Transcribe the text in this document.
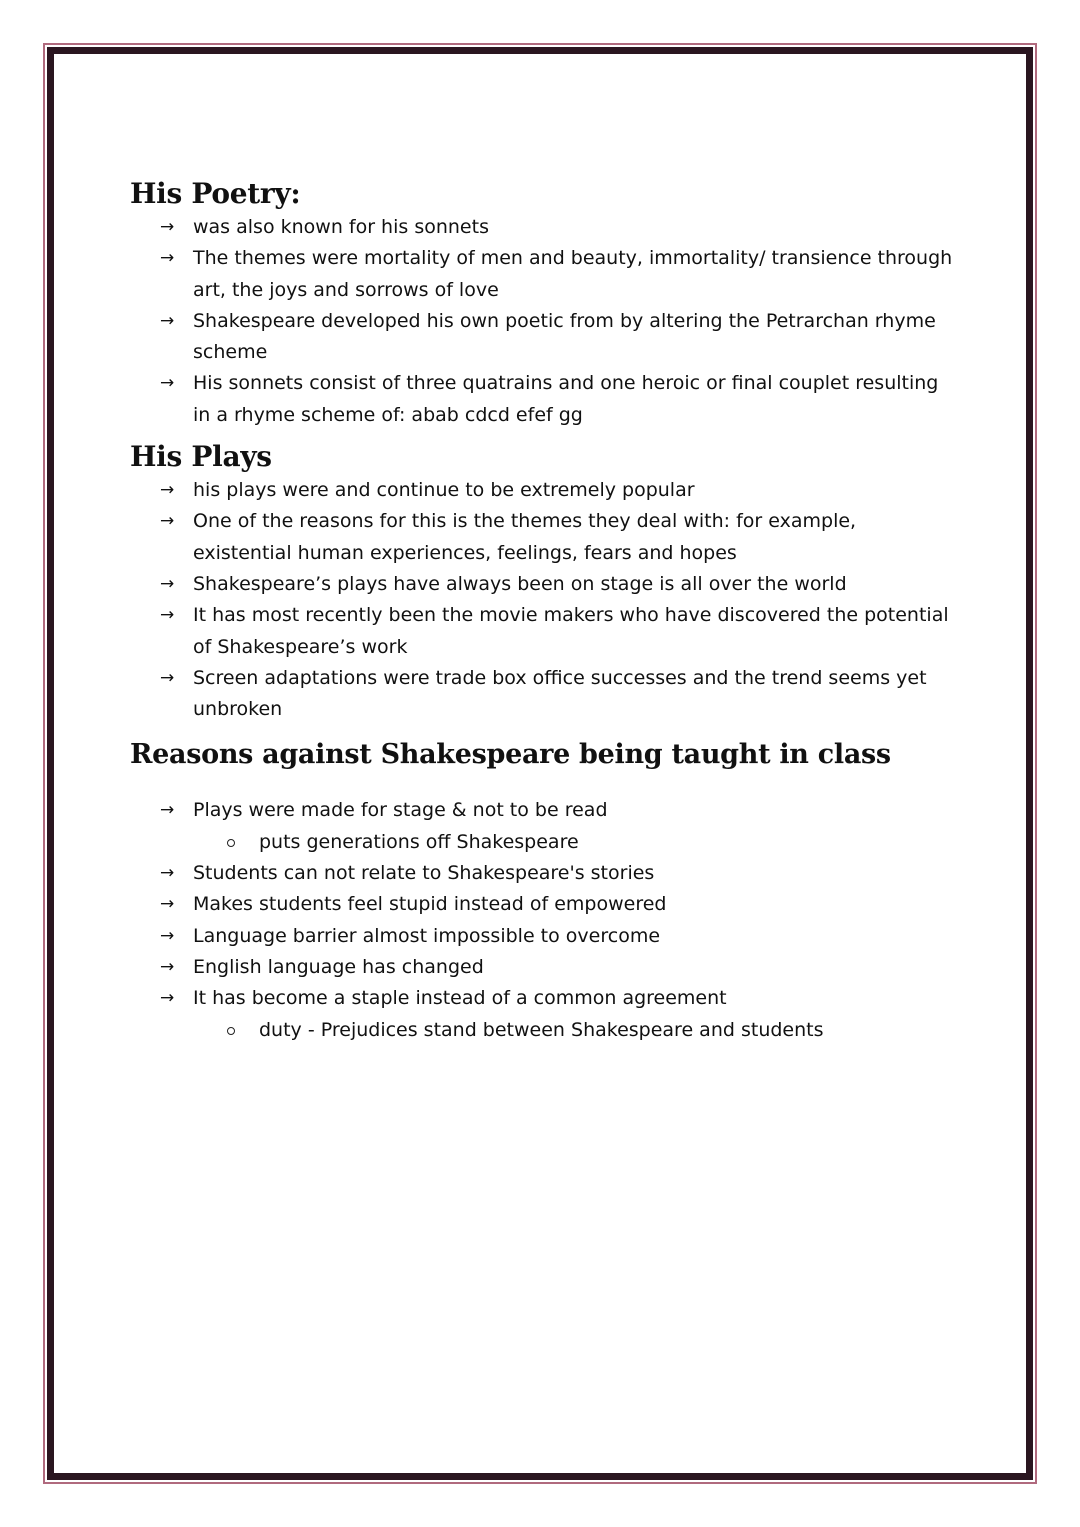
His Poetry:
→ was also known for his sonnets
→ The themes were mortality of men and beauty, immortality/ transience through art, the joys and sorrows of love
→ Shakespeare developed his own poetic from by altering the Petrarchan rhyme scheme
→ His sonnets consist of three quatrains and one heroic or final couplet resulting in a rhyme scheme of: abab cdcd efef gg
His Plays
→ his plays were and continue to be extremely popular
→ One of the reasons for this is the themes they deal with: for example, existential human experiences, feelings, fears and hopes
→ Shakespeare’s plays have always been on stage is all over the world
→ It has most recently been the movie makers who have discovered the potential of Shakespeare’s work
→ Screen adaptations were trade box office successes and the trend seems yet unbroken
Reasons against Shakespeare being taught in class
→ Plays were made for stage & not to be read
puts generations off Shakespeare
→ Students can not relate to Shakespeare's stories
→ Makes students feel stupid instead of empowered
→ Language barrier almost impossible to overcome
→ English language has changed
→ It has become a staple instead of a common agreement
duty - Prejudices stand between Shakespeare and students
